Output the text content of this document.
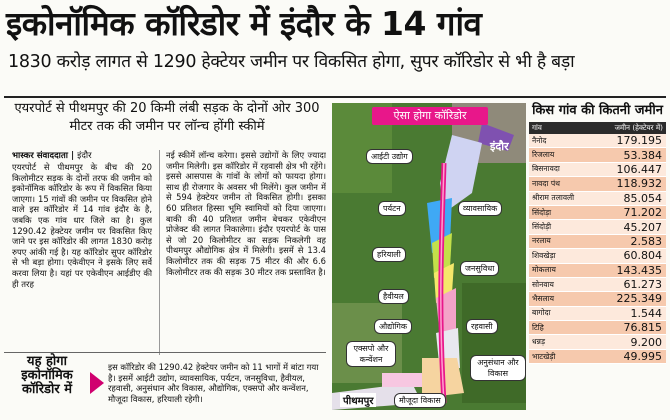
इकोनॉमिक कॉरिडोर में इंदौर के 14 गांव
1830 करोड़ लागत से 1290 हेक्टेयर जमीन पर विकसित होगा, सुपर कॉरिडोर से भी है बड़ा
एयरपोर्ट से पीथमपुर की 20 किमी लंबी सड़क के दोनों ओर 300 मीटर तक की जमीन पर लॉन्च होंगी स्कीमें
भास्कर संवाददाता | इंदौर
एयरपोर्ट से पीथमपुर के बीच की 20 किलोमीटर सड़क के दोनों तरफ की जमीन को इकोनॉमिक कॉरिडोर के रूप में विकसित किया जाएगा। 15 गांवों की जमीन पर विकसित होने वाले इस कॉरिडोर में 14 गांव इंदौर के है, जबकि एक गांव धार जिले का है। कुल 1290.42 हेक्टेयर जमीन पर विकसित किए जाने पर इस कॉरिडोर की लागत 1830 करोड़ रुपए आंकी गई है। यह कॉरिडोर सुपर कॉरिडोर से भी बड़ा होगा। एकेवीएन ने इसके लिए सर्वे करवा लिया है। यहां पर एकेवीएन आईडीए की ही तरह
नई स्कीमें लॉन्च करेगा। इससे उद्योगों के लिए ज्यादा जमीन मिलेगी। इस कॉरिडोर में रहवासी क्षेत्र भी रहेंगे। इससे आसपास के गांवों के लोगों को फायदा होगा। साथ ही रोजगार के अवसर भी मिलेंगे। कुल जमीन में से 594 हेक्टेयर जमीन तो विकसित होगी। इसका 60 प्रतिशत हिस्सा भूमि स्वामियों को दिया जाएगा। बाकी की 40 प्रतिशत जमीन बेचकर एकेवीएन प्रोजेक्ट की लागत निकालेगा। इंदौर एयरपोर्ट के पास से जो 20 किलोमीटर का सड़क निकलेगी वह पीथमपुर औद्योगिक क्षेत्र में मिलेगी। इसमें से 13.4 किलोमीटर तक की सड़क 75 मीटर की और 6.6 किलोमीटर तक की सड़क 30 मीटर तक प्रस्तावित है।
यह होगा इकोनॉमिक कॉरिडोर में
इस कॉरिडोर की 1290.42 हेक्टेयर जमीन को 11 भागों में बांटा गया है। इसमें आईटी उद्योग, व्यावसायिक, पर्यटन, जनसुविधा, हैवीयल, रहवासी, अनुसंधान और विकास, औद्योगिक, एक्सपो और कन्वेंशन, मौजूदा विकास, हरियाली रहेगी।
ऐसा होगा कॉरिडोर
इंदौर
पीथमपुर
आईटी उद्योग
पर्यटन	व्यावसायिक
हरियाली
जनसुविधा
हैवीयल
औद्योगिक	रहवासी
एक्सपो और कन्वेंशन	अनुसंधान और विकास
मौजूदा विकास
किस गांव की कितनी जमीन
गांव	जमीन (हेक्टेयर में)
नैनोद	179.195
रिजलाय	53.384
बिसनावदा	106.447
नावदा पंथ	118.932
श्रीराम तलावली	85.054
सिंदोड़ा	71.202
सिंदोड़ी	45.207
नरलाय	2.583
शिवखेड़ा	60.804
मोकलाय	143.435
सोनवाय	61.273
भैसलाय	225.349
बागोदा	1.544
टिहि	76.815
धन्नड़	9.200
भाटखेड़ी	49.995
